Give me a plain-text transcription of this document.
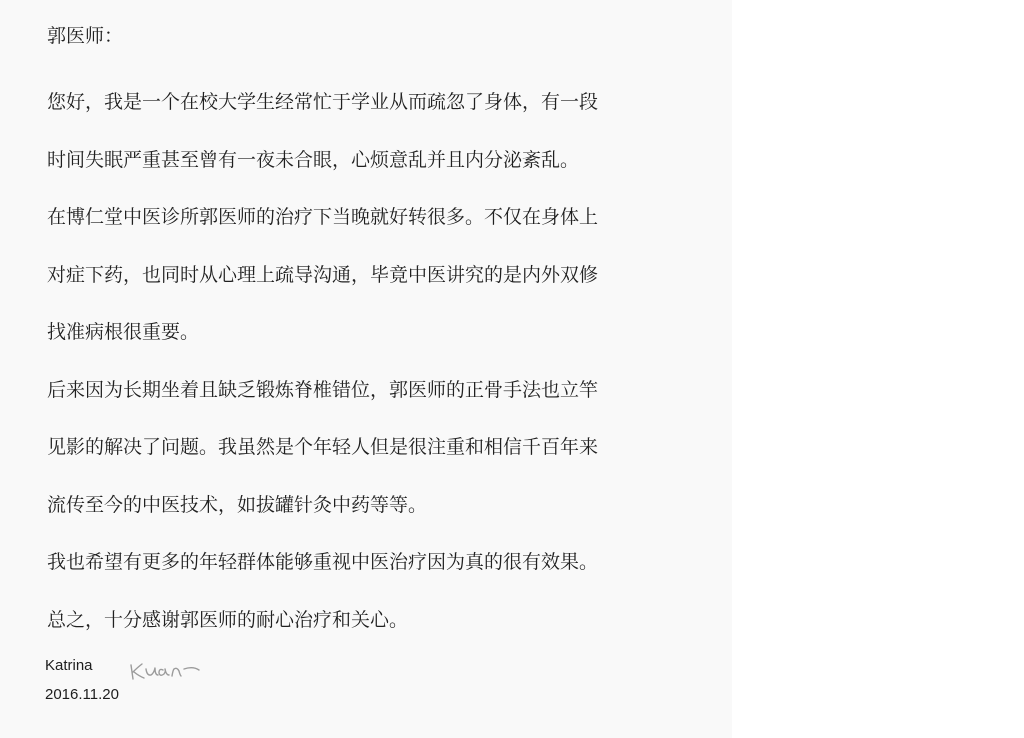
郭医师：
您好，我是一个在校大学生经常忙于学业从而疏忽了身体，有一段
时间失眠严重甚至曾有一夜未合眼，心烦意乱并且内分泌紊乱。
在博仁堂中医诊所郭医师的治疗下当晚就好转很多。不仅在身体上
对症下药，也同时从心理上疏导沟通，毕竟中医讲究的是内外双修
找准病根很重要。
后来因为长期坐着且缺乏锻炼脊椎错位，郭医师的正骨手法也立竿
见影的解决了问题。我虽然是个年轻人但是很注重和相信千百年来
流传至今的中医技术，如拔罐针灸中药等等。
我也希望有更多的年轻群体能够重视中医治疗因为真的很有效果。
总之，十分感谢郭医师的耐心治疗和关心。
Katrina
2016.11.20
